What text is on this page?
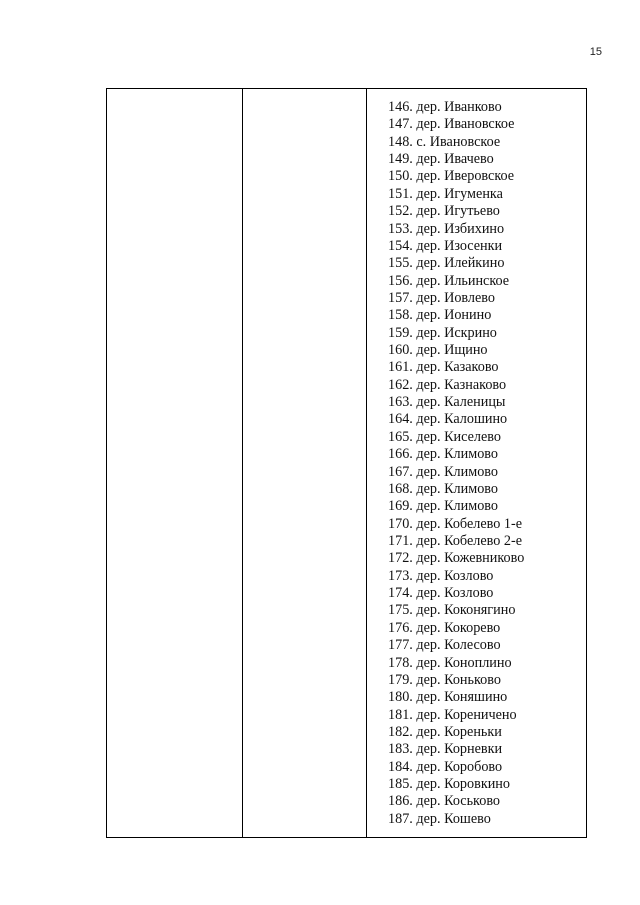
15
146. дер. Иванково
147. дер. Ивановское
148. с. Ивановское
149. дер. Ивачево
150. дер. Иверовское
151. дер. Игуменка
152. дер. Игутьево
153. дер. Избихино
154. дер. Изосенки
155. дер. Илейкино
156. дер. Ильинское
157. дер. Иовлево
158. дер. Ионино
159. дер. Искрино
160. дер. Ищино
161. дер. Казаково
162. дер. Казнаково
163. дер. Каленицы
164. дер. Калошино
165. дер. Киселево
166. дер. Климово
167. дер. Климово
168. дер. Климово
169. дер. Климово
170. дер. Кобелево 1-е
171. дер. Кобелево 2-е
172. дер. Кожевниково
173. дер. Козлово
174. дер. Козлово
175. дер. Коконягино
176. дер. Кокорево
177. дер. Колесово
178. дер. Коноплино
179. дер. Коньково
180. дер. Коняшино
181. дер. Кореничено
182. дер. Кореньки
183. дер. Корневки
184. дер. Коробово
185. дер. Коровкино
186. дер. Коськово
187. дер. Кошево
